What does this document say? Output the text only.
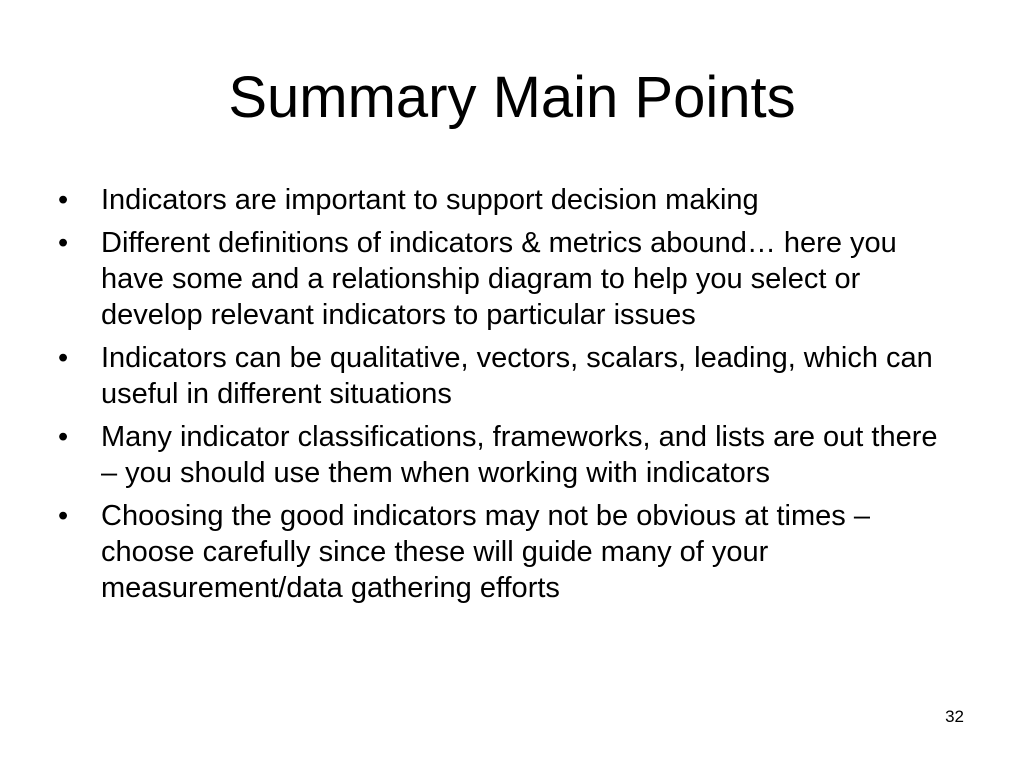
Summary Main Points
•	Indicators are important to support decision making
•	Different definitions of indicators & metrics abound… here you have some and a relationship diagram to help you select or develop relevant indicators to particular issues
•	Indicators can be qualitative, vectors, scalars, leading, which can useful in different situations
•	Many indicator classifications, frameworks, and lists are out there – you should use them when working with indicators
•	Choosing the good indicators may not be obvious at times – choose carefully since these will guide many of your measurement/data gathering efforts
32
